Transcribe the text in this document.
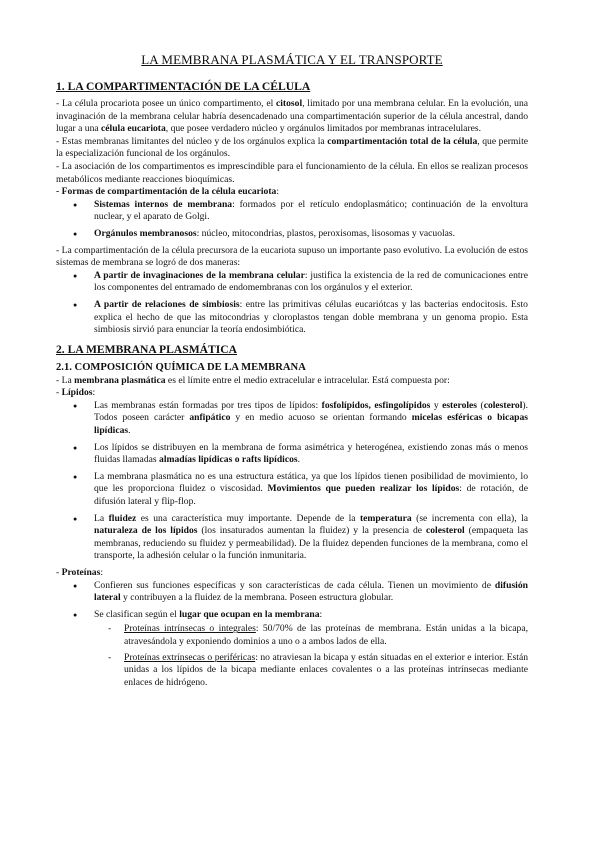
LA MEMBRANA PLASMÁTICA Y EL TRANSPORTE
1. LA COMPARTIMENTACIÓN DE LA CÉLULA

- La célula procariota posee un único compartimento, el citosol, limitado por una membrana celular. En la evolución, una invaginación de la membrana celular habría desencadenado una compartimentación superior de la célula ancestral, dando lugar a una célula eucariota, que posee verdadero núcleo y orgánulos limitados por membranas intracelulares.

- Estas membranas limitantes del núcleo y de los orgánulos explica la compartimentación total de la célula, que permite la especialización funcional de los orgánulos.

- La asociación de los compartimentos es imprescindible para el funcionamiento de la célula. En ellos se realizan procesos metabólicos mediante reacciones bioquímicas.

- Formas de compartimentación de la célula eucariota:

● Sistemas internos de membrana: formados por el retículo endoplasmático; continuación de la envoltura nuclear, y el aparato de Golgi.
● Orgánulos membranosos: núcleo, mitocondrias, plastos, peroxisomas, lisosomas y vacuolas.

- La compartimentación de la célula precursora de la eucariota supuso un importante paso evolutivo. La evolución de estos sistemas de membrana se logró de dos maneras:

● A partir de invaginaciones de la membrana celular: justifica la existencia de la red de comunicaciones entre los componentes del entramado de endomembranas con los orgánulos y el exterior.
● A partir de relaciones de simbiosis: entre las primitivas células eucariótcas y las bacterias endocitosis. Esto explica el hecho de que las mitocondrias y cloroplastos tengan doble membrana y un genoma propio. Esta simbiosis sirvió para enunciar la teoría endosimbiótica.
2. LA MEMBRANA PLASMÁTICA
2.1. COMPOSICIÓN QUÍMICA DE LA MEMBRANA

- La membrana plasmática es el límite entre el medio extracelular e intracelular. Está compuesta por:

- Lípidos:

● Las membranas están formadas por tres tipos de lípidos: fosfolípidos, esfingolípidos y esteroles (colesterol). Todos poseen carácter anfipático y en medio acuoso se orientan formando micelas esféricas o bicapas lipídicas.
● Los lípidos se distribuyen en la membrana de forma asimétrica y heterogénea, existiendo zonas más o menos fluidas llamadas almadías lipídicas o rafts lipídicos.
● La membrana plasmática no es una estructura estática, ya que los lípidos tienen posibilidad de movimiento, lo que les proporciona fluidez o viscosidad. Movimientos que pueden realizar los lípidos: de rotación, de difusión lateral y flip-flop.
● La fluidez es una característica muy importante. Depende de la temperatura (se incrementa con ella), la naturaleza de los lípidos (los insaturados aumentan la fluidez) y la presencia de colesterol (empaqueta las membranas, reduciendo su fluidez y permeabilidad). De la fluidez dependen funciones de la membrana, como el transporte, la adhesión celular o la función inmunitaria.

- Proteínas:

● Confieren sus funciones específicas y son características de cada célula. Tienen un movimiento de difusión lateral y contribuyen a la fluidez de la membrana. Poseen estructura globular.
● Se clasifican según el lugar que ocupan en la membrana:
- Proteínas intrínsecas o integrales: 50/70% de las proteínas de membrana. Están unidas a la bicapa, atravesándola y exponiendo dominios a uno o a ambos lados de ella.
- Proteínas extrínsecas o periféricas: no atraviesan la bicapa y están situadas en el exterior e interior. Están unidas a los lípidos de la bicapa mediante enlaces covalentes o a las proteínas intrínsecas mediante enlaces de hidrógeno.
